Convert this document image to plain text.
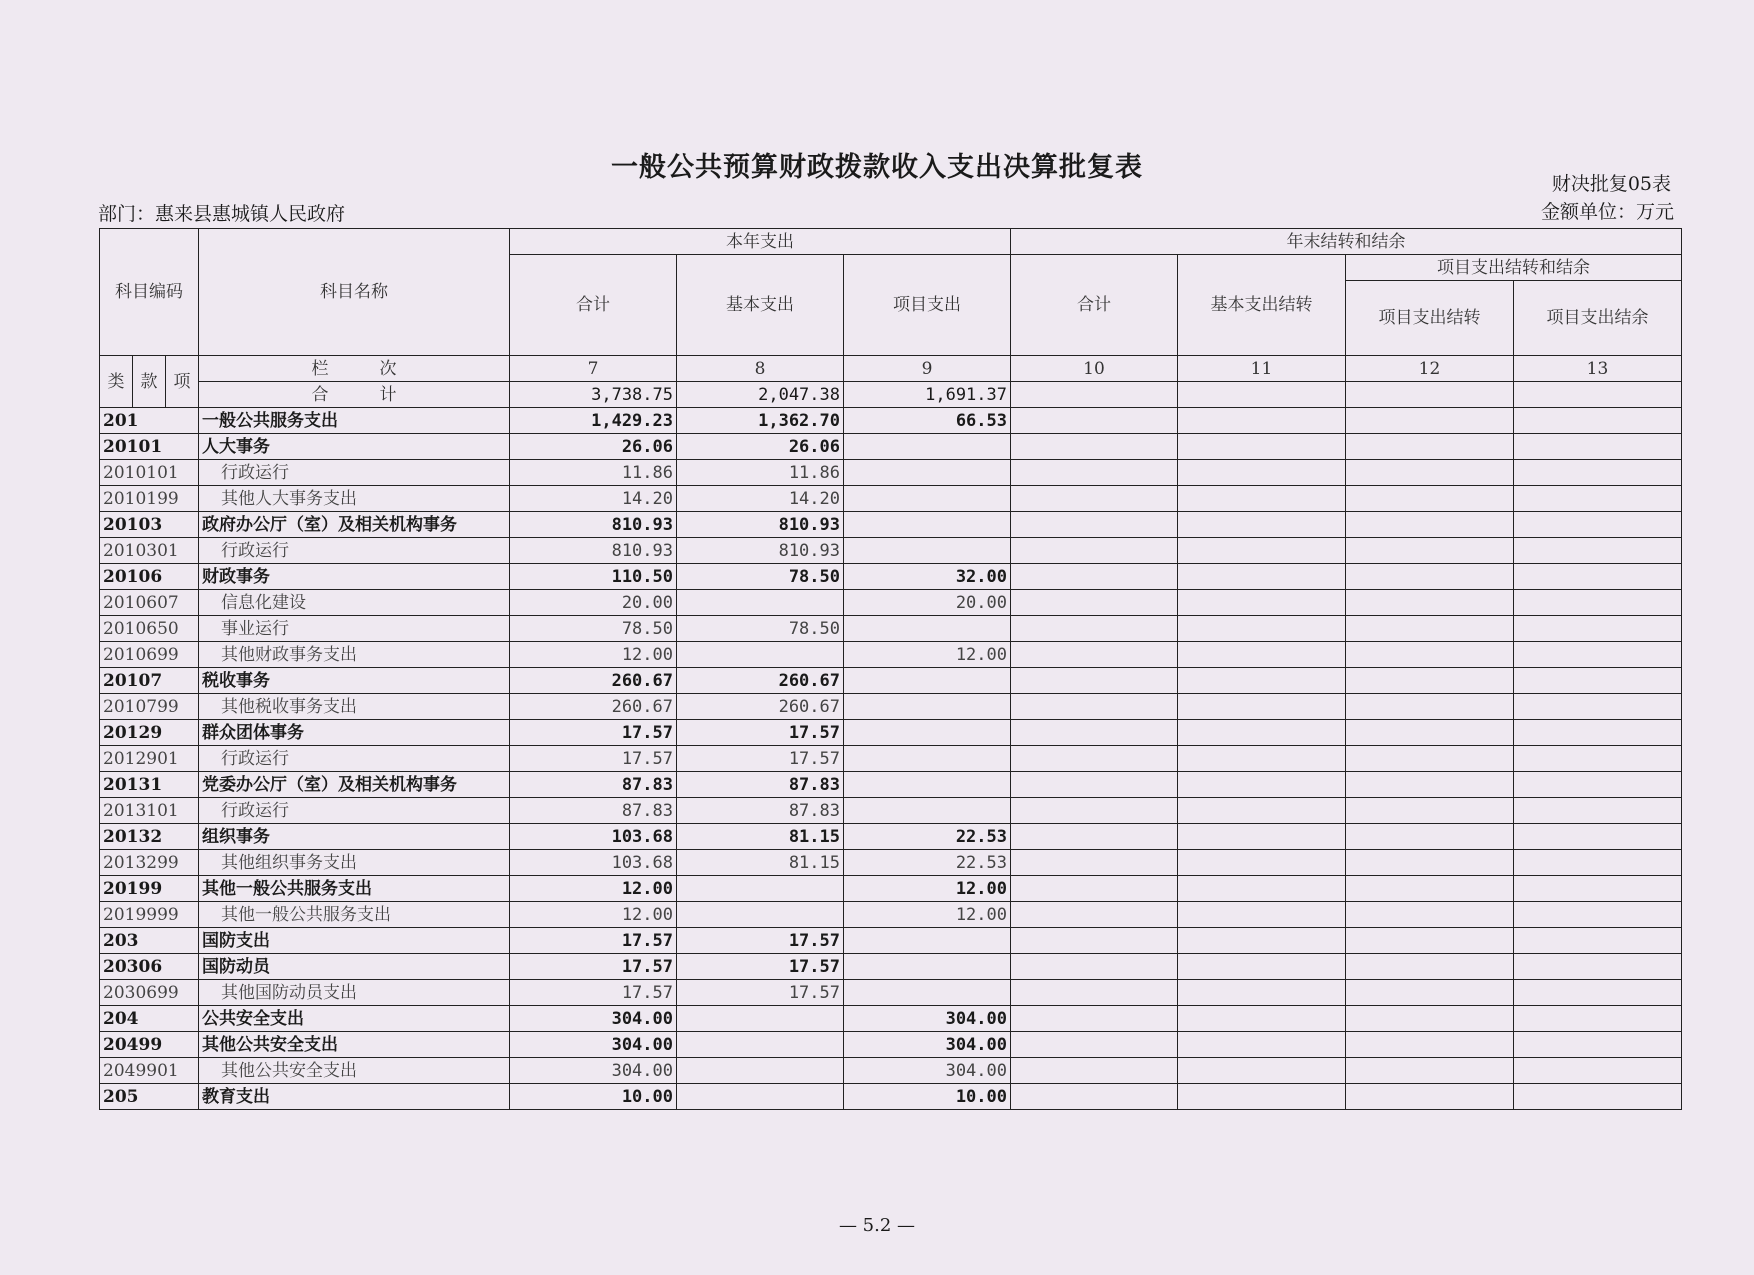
一般公共预算财政拨款收入支出决算批复表
财决批复05表
部门：惠来县惠城镇人民政府	金额单位：万元
科目编码			科目名称	本年支出			年末结转和结余			
				合计	基本支出	项目支出	合计	基本支出结转	项目支出结转和结余	
									项目支出结转	项目支出结余

类	款	项	栏　　　次	7	8	9	10	11	12	13
			合　　　计	3,738.75	2,047.38	1,691.37				
201			一般公共服务支出	1,429.23	1,362.70	66.53				
20101			人大事务	26.06	26.06					
2010101			行政运行	11.86	11.86					
2010199			其他人大事务支出	14.20	14.20					
20103			政府办公厅（室）及相关机构事务	810.93	810.93					
2010301			行政运行	810.93	810.93					
20106			财政事务	110.50	78.50	32.00				
2010607			信息化建设	20.00		20.00				
2010650			事业运行	78.50	78.50					
2010699			其他财政事务支出	12.00		12.00				
20107			税收事务	260.67	260.67					
2010799			其他税收事务支出	260.67	260.67					
20129			群众团体事务	17.57	17.57					
2012901			行政运行	17.57	17.57					
20131			党委办公厅（室）及相关机构事务	87.83	87.83					
2013101			行政运行	87.83	87.83					
20132			组织事务	103.68	81.15	22.53				
2013299			其他组织事务支出	103.68	81.15	22.53				
20199			其他一般公共服务支出	12.00		12.00				
2019999			其他一般公共服务支出	12.00		12.00				
203			国防支出	17.57	17.57					
20306			国防动员	17.57	17.57					
2030699			其他国防动员支出	17.57	17.57					
204			公共安全支出	304.00		304.00				
20499			其他公共安全支出	304.00		304.00				
2049901			其他公共安全支出	304.00		304.00				
205			教育支出	10.00		10.00				
— 5.2 —
